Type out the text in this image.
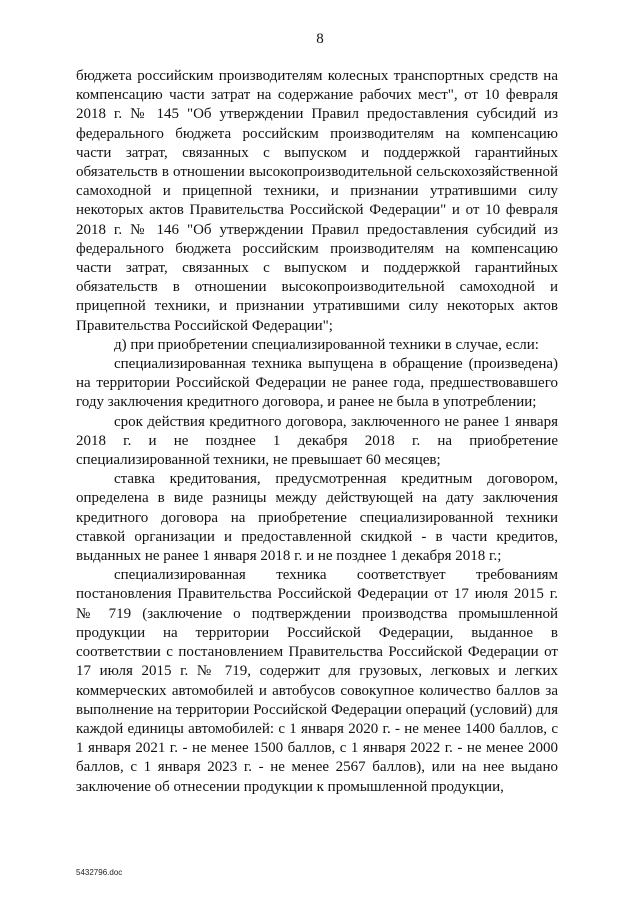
8

бюджета российским производителям колесных транспортных средств на компенсацию части затрат на содержание рабочих мест", от 10 февраля 2018 г. № 145 "Об утверждении Правил предоставления субсидий из федерального бюджета российским производителям на компенсацию части затрат, связанных с выпуском и поддержкой гарантийных обязательств в отношении высокопроизводительной сельскохозяйственной самоходной и прицепной техники, и признании утратившими силу некоторых актов Правительства Российской Федерации" и от 10 февраля 2018 г. № 146 "Об утверждении Правил предоставления субсидий из федерального бюджета российским производителям на компенсацию части затрат, связанных с выпуском и поддержкой гарантийных обязательств в отношении высокопроизводительной самоходной и прицепной техники, и признании утратившими силу некоторых актов Правительства Российской Федерации";

д) при приобретении специализированной техники в случае, если:

специализированная техника выпущена в обращение (произведена) на территории Российской Федерации не ранее года, предшествовавшего году заключения кредитного договора, и ранее не была в употреблении;

срок действия кредитного договора, заключенного не ранее 1 января 2018 г. и не позднее 1 декабря 2018 г. на приобретение специализированной техники, не превышает 60 месяцев;

ставка кредитования, предусмотренная кредитным договором, определена в виде разницы между действующей на дату заключения кредитного договора на приобретение специализированной техники ставкой организации и предоставленной скидкой - в части кредитов, выданных не ранее 1 января 2018 г. и не позднее 1 декабря 2018 г.;

специализированная техника соответствует требованиям постановления Правительства Российской Федерации от 17 июля 2015 г. № 719 (заключение о подтверждении производства промышленной продукции на территории Российской Федерации, выданное в соответствии с постановлением Правительства Российской Федерации от 17 июля 2015 г. № 719, содержит для грузовых, легковых и легких коммерческих автомобилей и автобусов совокупное количество баллов за выполнение на территории Российской Федерации операций (условий) для каждой единицы автомобилей: с 1 января 2020 г. - не менее 1400 баллов, с 1 января 2021 г. - не менее 1500 баллов, с 1 января 2022 г. - не менее 2000 баллов, с 1 января 2023 г. - не менее 2567 баллов), или на нее выдано заключение об отнесении продукции к промышленной продукции,

5432796.doc
